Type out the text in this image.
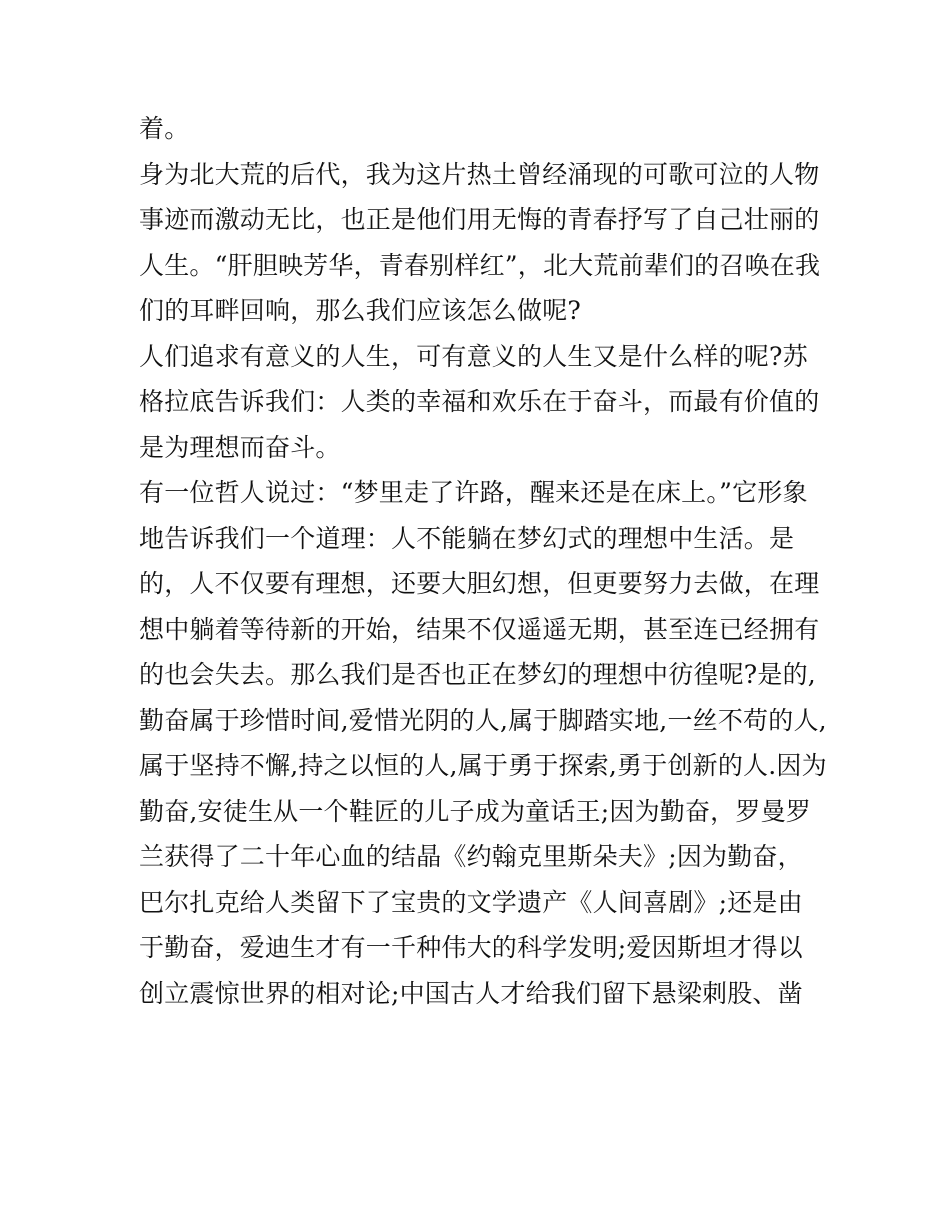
着。
身为北大荒的后代，我为这片热土曾经涌现的可歌可泣的人物
事迹而激动无比，也正是他们用无悔的青春抒写了自己壮丽的
人生。“肝胆映芳华，青春别样红”，北大荒前辈们的召唤在我
们的耳畔回响，那么我们应该怎么做呢?
人们追求有意义的人生，可有意义的人生又是什么样的呢?苏
格拉底告诉我们：人类的幸福和欢乐在于奋斗，而最有价值的
是为理想而奋斗。
有一位哲人说过：“梦里走了许路，醒来还是在床上。”它形象
地告诉我们一个道理：人不能躺在梦幻式的理想中生活。是
的，人不仅要有理想，还要大胆幻想，但更要努力去做，在理
想中躺着等待新的开始，结果不仅遥遥无期，甚至连已经拥有
的也会失去。那么我们是否也正在梦幻的理想中彷徨呢?是的,
勤奋属于珍惜时间,爱惜光阴的人,属于脚踏实地,一丝不苟的人,
属于坚持不懈,持之以恒的人,属于勇于探索,勇于创新的人.因为
勤奋,安徒生从一个鞋匠的儿子成为童话王;因为勤奋，罗曼罗
兰获得了二十年心血的结晶《约翰克里斯朵夫》;因为勤奋，
巴尔扎克给人类留下了宝贵的文学遗产《人间喜剧》;还是由
于勤奋，爱迪生才有一千种伟大的科学发明;爱因斯坦才得以
创立震惊世界的相对论;中国古人才给我们留下悬梁刺股、凿
